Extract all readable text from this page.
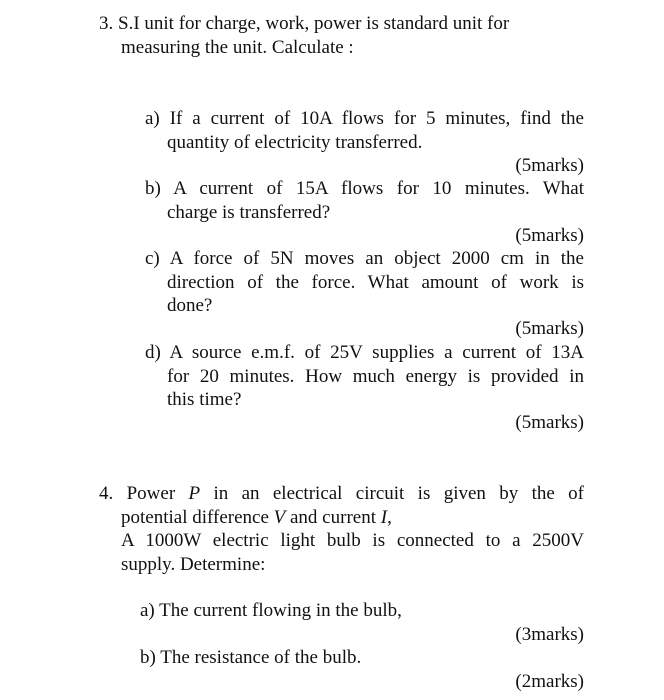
3. S.I unit for charge, work, power is standard unit for
measuring the unit. Calculate :
a) If a current of 10A flows for 5 minutes, find the
quantity of electricity transferred.
(5marks)
b) A current of 15A flows for 10 minutes. What
charge is transferred?
(5marks)
c) A force of 5N moves an object 2000 cm in the
direction of the force. What amount of work is
done?
(5marks)
d) A source e.m.f. of 25V supplies a current of 13A
for 20 minutes. How much energy is provided in
this time?
(5marks)
4. Power P in an electrical circuit is given by the of
potential difference V and current I,
A 1000W electric light bulb is connected to a 2500V
supply. Determine:
a) The current flowing in the bulb,
(3marks)
b) The resistance of the bulb.
(2marks)
